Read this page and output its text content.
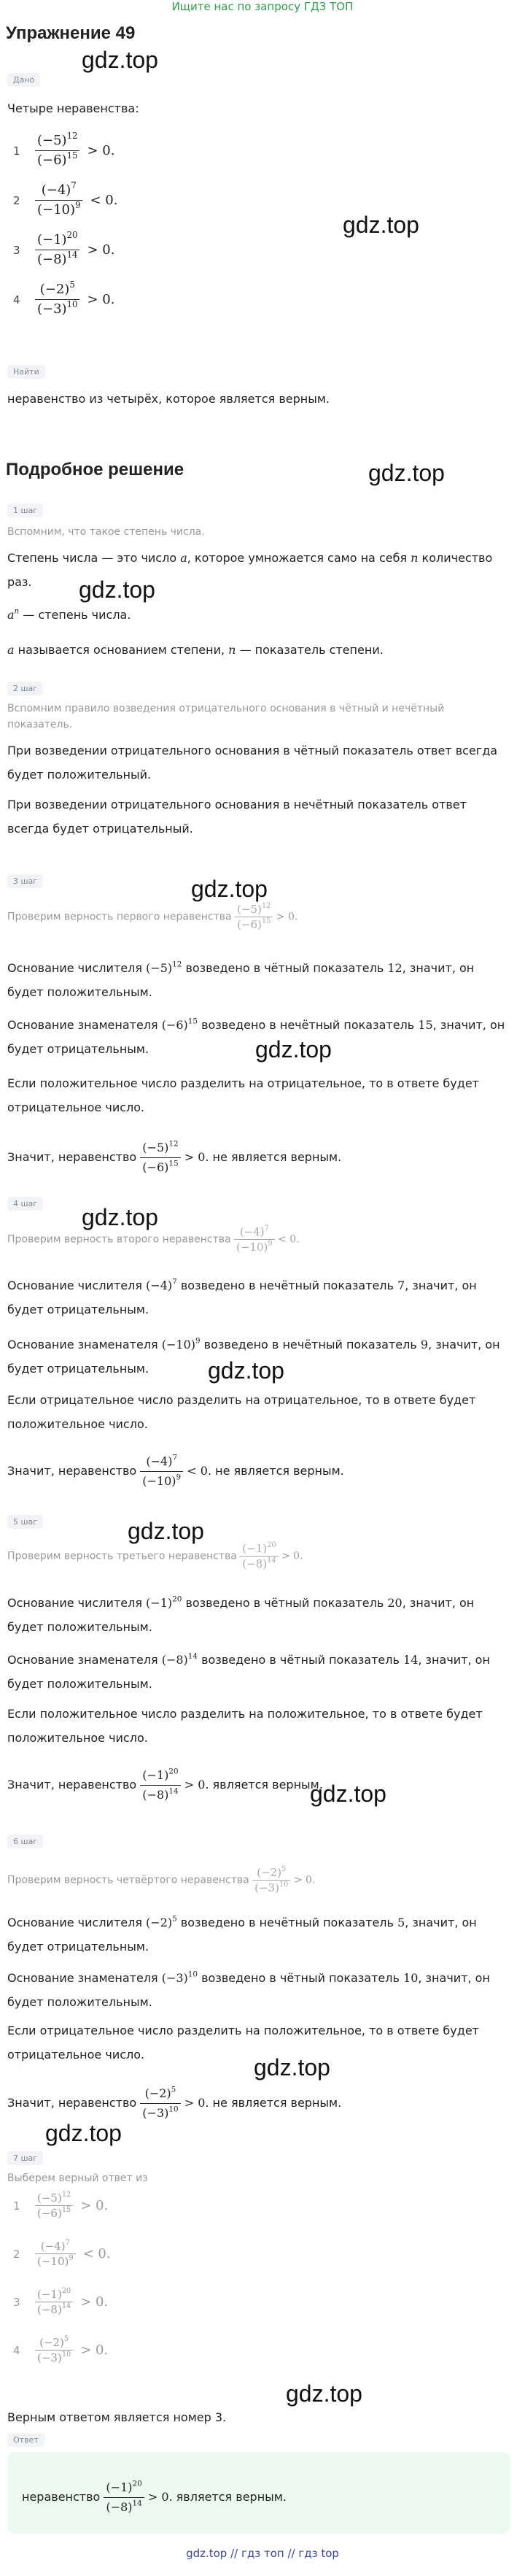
Ищите нас по запросу ГДЗ ТОП
Упражнение 49
gdz.top
gdz.top
gdz.top
gdz.top
gdz.top
gdz.top
gdz.top
gdz.top
gdz.top
gdz.top
gdz.top
gdz.top
gdz.top
Дано
Четыре неравенства:
1	$\frac{(-5)^{12}}{(-6)^{15}} > 0$.
2	$\frac{(-4)^7}{(-10)^9} < 0$.
3	$\frac{(-1)^{20}}{(-8)^{14}} > 0$.
4	$\frac{(-2)^5}{(-3)^{10}} > 0$.
Найти
неравенство из четырёх, которое является верным.
Подробное решение
1 шаг
Вспомним, что такое степень числа.
Степень числа — это число a, которое умножается само на себя n количество раз.
$a^n$ — степень числа.
a называется основанием степени, n — показатель степени.
2 шаг
Вспомним правило возведения отрицательного основания в чётный и нечётный показатель.
При возведении отрицательного основания в чётный показатель ответ всегда будет положительный.
При возведении отрицательного основания в нечётный показатель ответ всегда будет отрицательный.
3 шаг
Проверим верность первого неравенства $\frac{(-5)^{12}}{(-6)^{15}} > 0$.
Основание числителя $(-5)^{12}$ возведено в чётный показатель 12, значит, он будет положительным.
Основание знаменателя $(-6)^{15}$ возведено в нечётный показатель 15, значит, он будет отрицательным.
Если положительное число разделить на отрицательное, то в ответе будет отрицательное число.
Значит, неравенство $\frac{(-5)^{12}}{(-6)^{15}} > 0$. не является верным.
4 шаг
Проверим верность второго неравенства $\frac{(-4)^7}{(-10)^9} < 0$.
Основание числителя $(-4)^7$ возведено в нечётный показатель 7, значит, он будет отрицательным.
Основание знаменателя $(-10)^9$ возведено в нечётный показатель 9, значит, он будет отрицательным.
Если отрицательное число разделить на отрицательное, то в ответе будет положительное число.
Значит, неравенство $\frac{(-4)^7}{(-10)^9} < 0$. не является верным.
5 шаг
Проверим верность третьего неравенства $\frac{(-1)^{20}}{(-8)^{14}} > 0$.
Основание числителя $(-1)^{20}$ возведено в чётный показатель 20, значит, он будет положительным.
Основание знаменателя $(-8)^{14}$ возведено в чётный показатель 14, значит, он будет положительным.
Если положительное число разделить на положительное, то в ответе будет положительное число.
Значит, неравенство $\frac{(-1)^{20}}{(-8)^{14}} > 0$. является верным.
6 шаг
Проверим верность четвёртого неравенства $\frac{(-2)^5}{(-3)^{10}} > 0$.
Основание числителя $(-2)^5$ возведено в нечётный показатель 5, значит, он будет отрицательным.
Основание знаменателя $(-3)^{10}$ возведено в чётный показатель 10, значит, он будет положительным.
Если отрицательное число разделить на положительное, то в ответе будет отрицательное число.
Значит, неравенство $\frac{(-2)^5}{(-3)^{10}} > 0$. не является верным.
7 шаг
Выберем верный ответ из
1	$\frac{(-5)^{12}}{(-6)^{15}} > 0$.
2	$\frac{(-4)^7}{(-10)^9} < 0$.
3	$\frac{(-1)^{20}}{(-8)^{14}} > 0$.
4	$\frac{(-2)^5}{(-3)^{10}} > 0$.
Верным ответом является номер 3.
Ответ
неравенство $\frac{(-1)^{20}}{(-8)^{14}} > 0$. является верным.
gdz.top // гдз топ // гдз top
